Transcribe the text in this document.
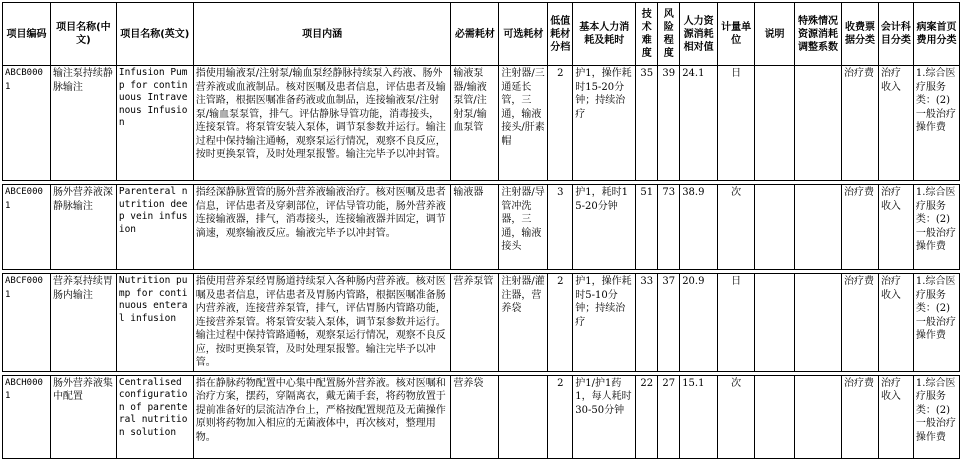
项目编码	项目名称(中文)	项目名称(英文)	项目内涵	必需耗材	可选耗材	低值耗材分档	基本人力消耗及耗时	技术难度	风险程度	人力资源消耗相对值	计量单位	说明	特殊情况资源消耗调整系数	收费票据分类	会计科目分类	病案首页费用分类
ABCB0001	输注泵持续静脉输注	Infusion Pump for continuous Intravenous Infusion	指使用输液泵/注射泵/输血泵经静脉持续泵入药液、肠外营养液或血液制品。核对医嘱及患者信息，评估患者及输注管路，根据医嘱准备药液或血制品，连接输液泵/注射泵/输血泵泵管，排气。评估静脉导管功能，消毒接头，连接泵管。将泵管安装入泵体，调节泵参数并运行。输注过程中保持输注通畅，观察泵运行情况，观察不良反应，按时更换泵管，及时处理泵报警。输注完毕予以冲封管。	输液泵器/输液泵管/注射泵/输血泵管	注射器/三通延长管，三通，输液接头/肝素帽	2	护1，操作耗时15-20分钟；持续治疗	35	39	24.1	日			治疗费	治疗收入	1.综合医疗服务类：(2)一般治疗操作费

ABCE0001	肠外营养液深静脉输注	Parenteral nutrition deep vein infusion	指经深静脉置管的肠外营养液输液治疗。核对医嘱及患者信息，评估患者及穿刺部位，评估导管功能，肠外营养液连接输液器，排气，消毒接头，连接输液器并固定，调节滴速，观察输液反应。输液完毕予以冲封管。	输液器	注射器/导管冲洗器，三通，输液接头	3	护1，耗时15-20分钟	51	73	38.9	次			治疗费	治疗收入	1.综合医疗服务类：(2)一般治疗操作费

ABCF0001	营养泵持续胃肠内输注	Nutrition pump for continuous enteral infusion	指使用营养泵经胃肠道持续泵入各种肠内营养液。核对医嘱及患者信息，评估患者及胃肠内管路，根据医嘱准备肠内营养液，连接营养泵管，排气，评估胃肠内管路功能，连接营养泵管。将泵管安装入泵体，调节泵参数并运行。输注过程中保持管路通畅，观察泵运行情况，观察不良反应，按时更换泵管，及时处理泵报警。输注完毕予以冲管。	营养泵管	注射器/灌注器，营养袋	2	护1，操作耗时5-10分钟；持续治疗	33	37	20.9	日			治疗费	治疗收入	1.综合医疗服务类：(2)一般治疗操作费

ABCH0001	肠外营养液集中配置	Centralised configuration of parenteral nutrition solution	指在静脉药物配置中心集中配置肠外营养液。核对医嘱和治疗方案，摆药，穿隔离衣，戴无菌手套，将药物放置于提前准备好的层流洁净台上，严格按配置规范及无菌操作原则将药物加入相应的无菌液体中，再次核对，整理用物。	营养袋		2	护1/护1药1，每人耗时30-50分钟	22	27	15.1	次			治疗费	治疗收入	1.综合医疗服务类：(2)一般治疗操作费
